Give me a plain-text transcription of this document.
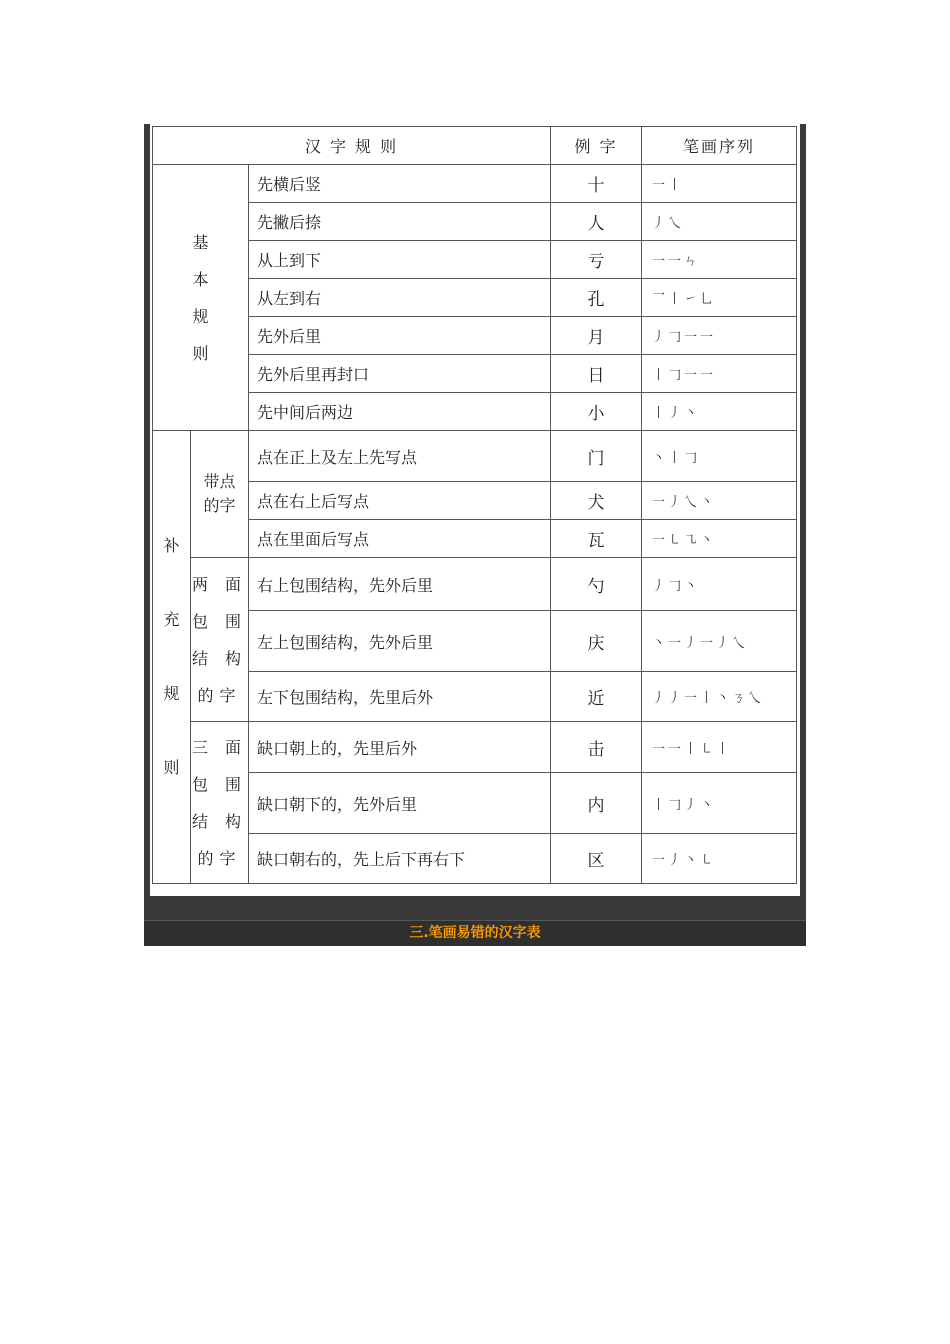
汉 字 规 则			例 字	笔画序列

基
本
规
则		先横后竖	十	一丨
		先撇后捺	人	丿乀
		从上到下	亏	一一ㄣ
		从左到右	孔	乛丨㇀乚
		先外后里	月	丿𠃌一一
		先外后里再封口	日	丨𠃌一一
		先中间后两边	小	丨丿丶

补
充
规
则	带点
的字	点在正上及左上先写点	门	丶丨𠃌
		点在右上后写点	犬	一丿乀丶
		点在里面后写点	瓦	一㇄㇈丶

	两 面
包 围
结 构
的字	右上包围结构，先外后里	勺	丿𠃌丶
		左上包围结构，先外后里	庆	丶一丿一丿乀
		左下包围结构，先里后外	近	丿丿一丨丶ㄋ乀

	三 面
包 围
结 构
的字	缺口朝上的，先里后外	击	一一丨㇄丨
		缺口朝下的，先外后里	内	丨𠃌丿丶
		缺口朝右的，先上后下再右下	区	一丿丶㇄
三.笔画易错的汉字表
